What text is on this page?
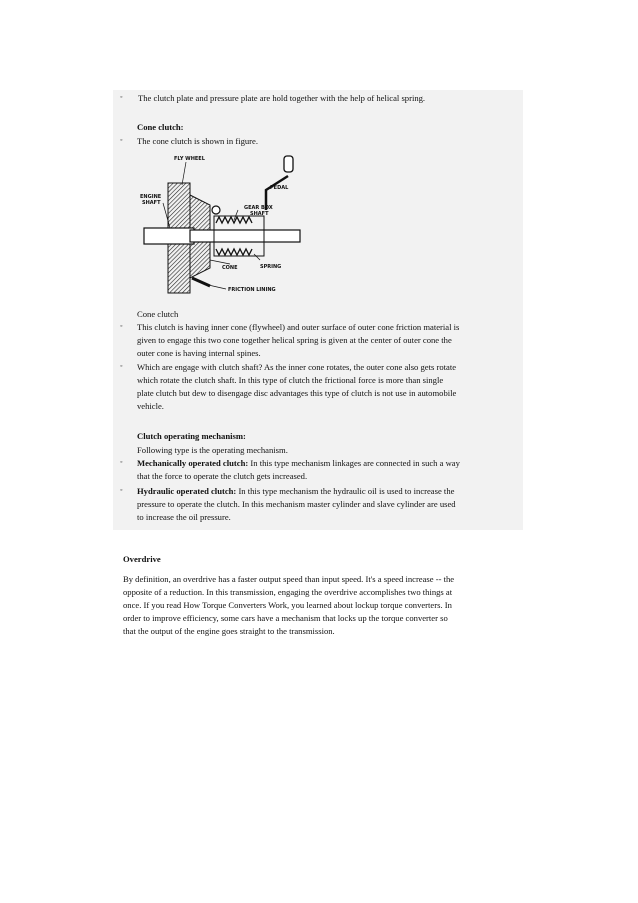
◦ The clutch plate and pressure plate are hold together with the help of helical spring.
Cone clutch:
◦ The cone clutch is shown in figure.
FLY WHEEL
ENGINE
SHAFT
PEDAL
GEAR BOX
SHAFT
SPRING
CONE
FRICTION LINING
Cone clutch
◦ This clutch is having inner cone (flywheel) and outer surface of outer cone friction material is
given to engage this two cone together helical spring is given at the center of outer cone the
outer cone is having internal spines.
◦ Which are engage with clutch shaft? As the inner cone rotates, the outer cone also gets rotate
which rotate the clutch shaft. In this type of clutch the frictional force is more than single
plate clutch but dew to disengage disc advantages this type of clutch is not use in automobile
vehicle.
Clutch operating mechanism:
Following type is the operating mechanism.
◦ Mechanically operated clutch: In this type mechanism linkages are connected in such a way
that the force to operate the clutch gets increased.
◦ Hydraulic operated clutch: In this type mechanism the hydraulic oil is used to increase the
pressure to operate the clutch. In this mechanism master cylinder and slave cylinder are used
to increase the oil pressure.
Overdrive
By definition, an overdrive has a faster output speed than input speed. It's a speed increase -- the
opposite of a reduction. In this transmission, engaging the overdrive accomplishes two things at
once. If you read How Torque Converters Work, you learned about lockup torque converters. In
order to improve efficiency, some cars have a mechanism that locks up the torque converter so
that the output of the engine goes straight to the transmission.
